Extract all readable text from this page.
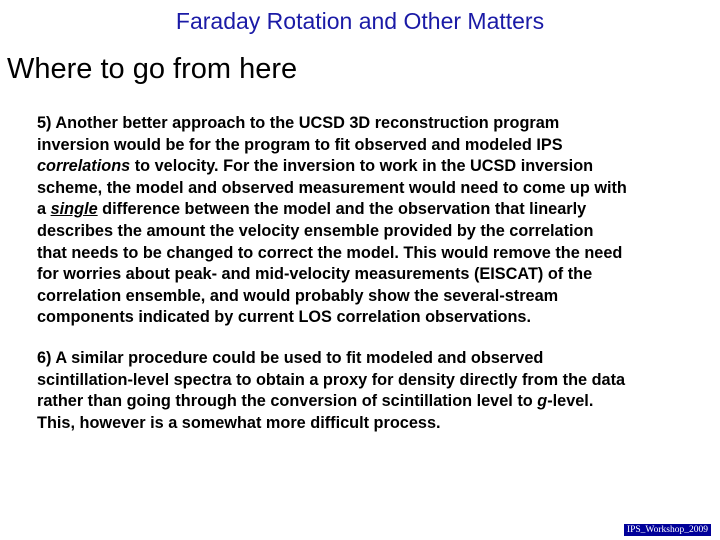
Faraday Rotation and Other Matters
Where to go from here
5) Another better approach to the UCSD 3D reconstruction program
inversion would be for the program to fit observed and modeled IPS
correlations to velocity. For the inversion to work in the UCSD inversion
scheme, the model and observed measurement would need to come up with
a single difference between the model and the observation that linearly
describes the amount the velocity ensemble provided by the correlation
that needs to be changed to correct the model. This would remove the need
for worries about peak- and mid-velocity measurements (EISCAT) of the
correlation ensemble, and would probably show the several-stream
components indicated by current LOS correlation observations.
6) A similar procedure could be used to fit modeled and observed
scintillation-level spectra to obtain a proxy for density directly from the data
rather than going through the conversion of scintillation level to g-level.
This, however is a somewhat more difficult process.
IPS_Workshop_2009
